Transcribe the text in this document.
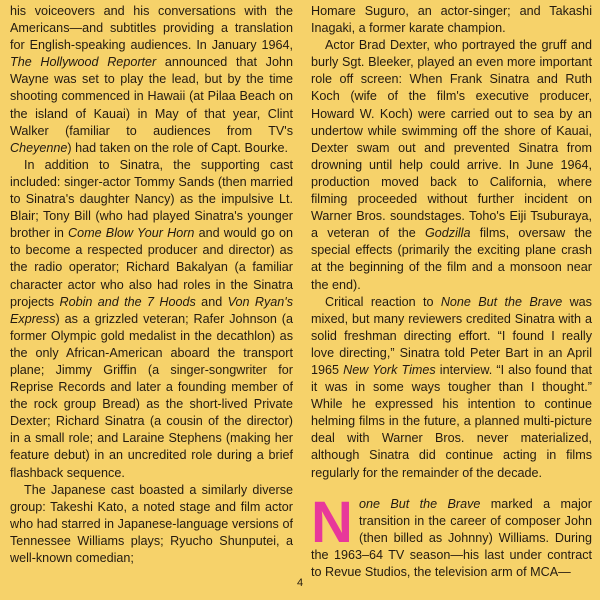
his voiceovers and his conversations with the Americans—and subtitles providing a translation for English-speaking audiences. In January 1964, The Hollywood Reporter announced that John Wayne was set to play the lead, but by the time shooting commenced in Hawaii (at Pilaa Beach on the island of Kauai) in May of that year, Clint Walker (familiar to audiences from TV's Cheyenne) had taken on the role of Capt. Bourke.

In addition to Sinatra, the supporting cast included: singer-actor Tommy Sands (then married to Sinatra's daughter Nancy) as the impulsive Lt. Blair; Tony Bill (who had played Sinatra's younger brother in Come Blow Your Horn and would go on to become a respected producer and director) as the radio operator; Richard Bakalyan (a familiar character actor who also had roles in the Sinatra projects Robin and the 7 Hoods and Von Ryan's Express) as a grizzled veteran; Rafer Johnson (a former Olympic gold medalist in the decathlon) as the only African-American aboard the transport plane; Jimmy Griffin (a singer-songwriter for Reprise Records and later a founding member of the rock group Bread) as the short-lived Private Dexter; Richard Sinatra (a cousin of the director) in a small role; and Laraine Stephens (making her feature debut) in an uncredited role during a brief flashback sequence.

The Japanese cast boasted a similarly diverse group: Takeshi Kato, a noted stage and film actor who had starred in Japanese-language versions of Tennessee Williams plays; Ryucho Shunputei, a well-known comedian;

Homare Suguro, an actor-singer; and Takashi Inagaki, a former karate champion.

Actor Brad Dexter, who portrayed the gruff and burly Sgt. Bleeker, played an even more important role off screen: When Frank Sinatra and Ruth Koch (wife of the film's executive producer, Howard W. Koch) were carried out to sea by an undertow while swimming off the shore of Kauai, Dexter swam out and prevented Sinatra from drowning until help could arrive. In June 1964, production moved back to California, where filming proceeded without further incident on Warner Bros. soundstages. Toho's Eiji Tsuburaya, a veteran of the Godzilla films, oversaw the special effects (primarily the exciting plane crash at the beginning of the film and a monsoon near the end).

Critical reaction to None But the Brave was mixed, but many reviewers credited Sinatra with a solid freshman directing effort. “I found I really love directing,” Sinatra told Peter Bart in an April 1965 New York Times interview. “I also found that it was in some ways tougher than I thought.” While he expressed his intention to continue helming films in the future, a planned multi-picture deal with Warner Bros. never materialized, although Sinatra did continue acting in films regularly for the remainder of the decade.

None But the Brave marked a major transition in the career of composer John (then billed as Johnny) Williams. During the 1963–64 TV season—his last under contract to Revue Studios, the television arm of MCA—

4
